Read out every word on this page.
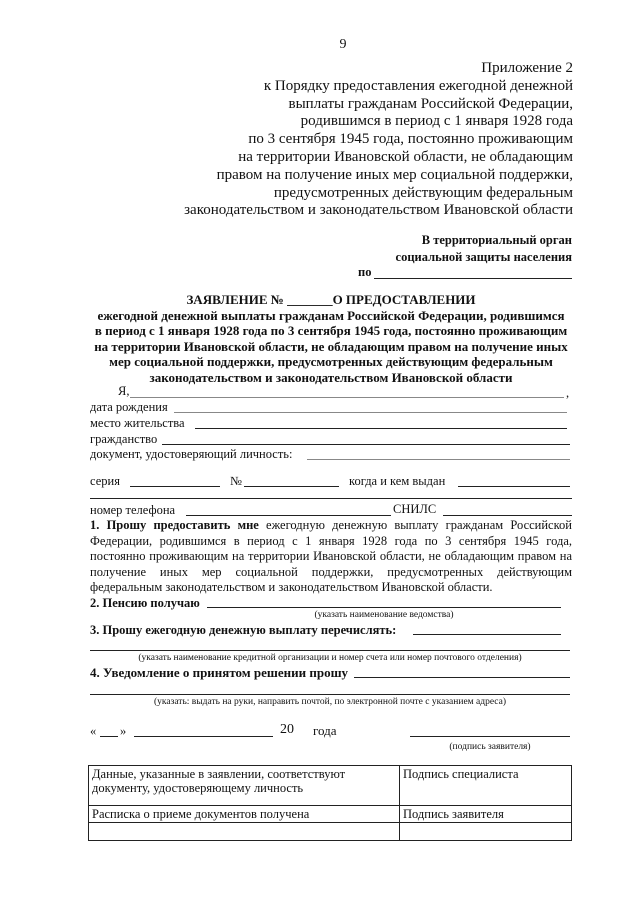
9
Приложение 2
к Порядку предоставления ежегодной денежной
выплаты гражданам Российской Федерации,
родившимся в период с 1 января 1928 года
по 3 сентября 1945 года, постоянно проживающим
на территории Ивановской области, не обладающим
правом на получение иных мер социальной поддержки,
предусмотренных действующим федеральным
законодательством и законодательством Ивановской области
В территориальный орган
социальной защиты населения
по
ЗАЯВЛЕНИЕ № _______О ПРЕДОСТАВЛЕНИИ
ежегодной денежной выплаты гражданам Российской Федерации, родившимся
в период с 1 января 1928 года по 3 сентября 1945 года, постоянно проживающим
на территории Ивановской области, не обладающим правом на получение иных
мер социальной поддержки, предусмотренных действующим федеральным
законодательством и законодательством Ивановской области
Я,	,
дата рождения
место жительства
гражданство
документ, удостоверяющий личность:
серия	№	когда и кем выдан
номер телефона	СНИЛС
1. Прошу предоставить мне ежегодную денежную выплату гражданам Российской Федерации, родившимся в период с 1 января 1928 года по 3 сентября 1945 года, постоянно проживающим на территории Ивановской области, не обладающим правом на получение иных мер социальной поддержки, предусмотренных действующим федеральным законодательством и законодательством Ивановской области.
2. Пенсию получаю
(указать наименование ведомства)
3. Прошу ежегодную денежную выплату перечислять:
(указать наименование кредитной организации и номер счета или номер почтового отделения)
4. Уведомление о принятом решении прошу
(указать: выдать на руки, направить почтой, по электронной почте с указанием адреса)
« »	20 года
(подпись заявителя)
Данные, указанные в заявлении, соответствуют документу, удостоверяющему личность	Подпись специалиста
Расписка о приеме документов получена	Подпись заявителя
